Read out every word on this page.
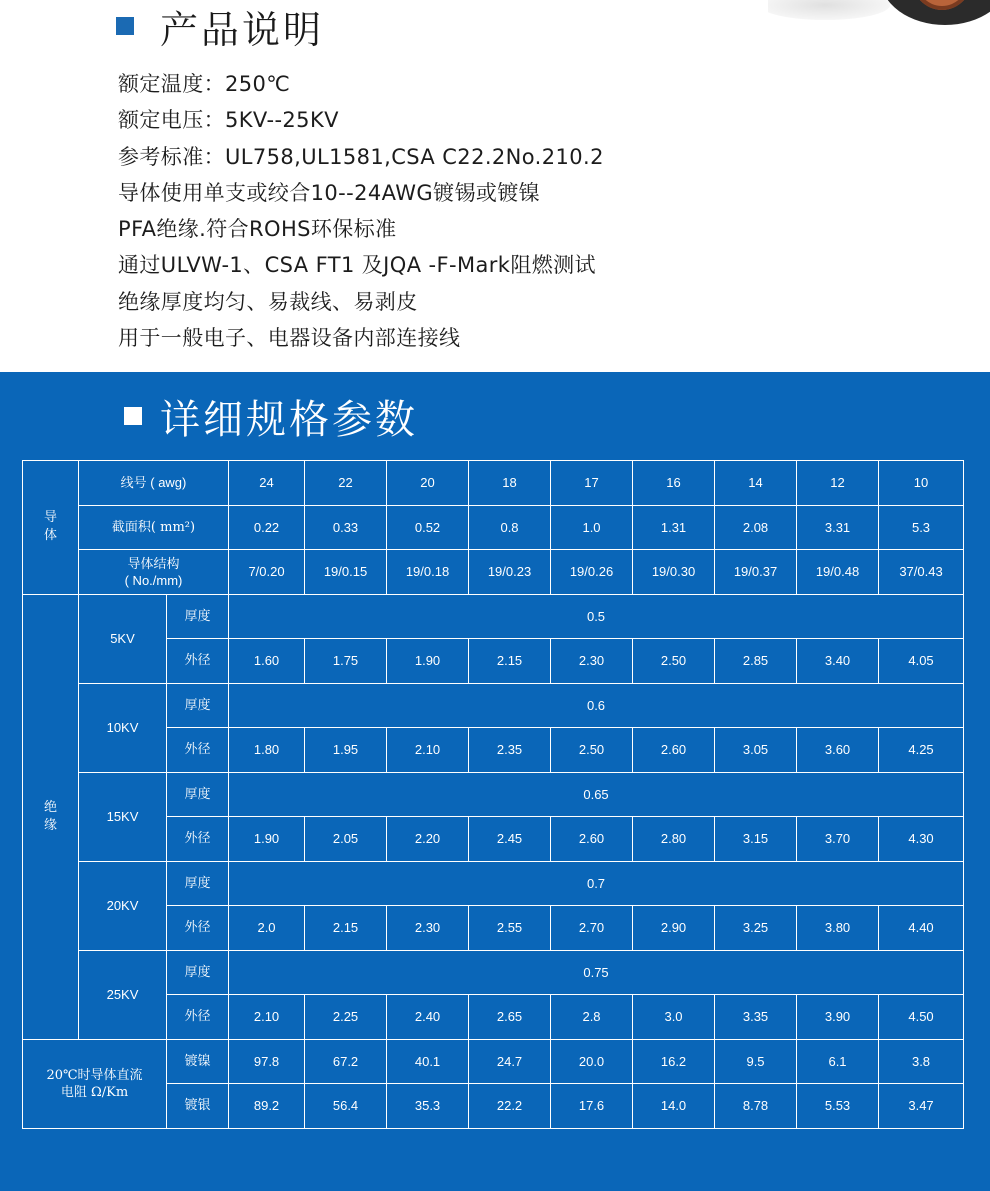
产品说明
额定温度：250℃
额定电压：5KV--25KV
参考标准：UL758,UL1581,CSA C22.2No.210.2
导体使用单支或绞合10--24AWG镀锡或镀镍
PFA绝缘.符合ROHS环保标准
通过ULVW-1、CSA FT1 及JQA -F-Mark阻燃测试
绝缘厚度均匀、易裁线、易剥皮
用于一般电子、电器设备内部连接线
详细规格参数
导
体	线号 ( awg)		24	22	20	18	17	16	14	12	10
	截面积( mm²)		0.22	0.33	0.52	0.8	1.0	1.31	2.08	3.31	5.3
	导体结构
( No./mm)		7/0.20	19/0.15	19/0.18	19/0.23	19/0.26	19/0.30	19/0.37	19/0.48	37/0.43
绝
缘	5KV	厚度	0.5								
		外径	1.60	1.75	1.90	2.15	2.30	2.50	2.85	3.40	4.05
	10KV	厚度	0.6								
		外径	1.80	1.95	2.10	2.35	2.50	2.60	3.05	3.60	4.25
	15KV	厚度	0.65								
		外径	1.90	2.05	2.20	2.45	2.60	2.80	3.15	3.70	4.30
	20KV	厚度	0.7								
		外径	2.0	2.15	2.30	2.55	2.70	2.90	3.25	3.80	4.40
	25KV	厚度	0.75								
		外径	2.10	2.25	2.40	2.65	2.8	3.0	3.35	3.90	4.50
20℃时导体直流
电阻 Ω/Km		镀镍	97.8	67.2	40.1	24.7	20.0	16.2	9.5	6.1	3.8
		镀银	89.2	56.4	35.3	22.2	17.6	14.0	8.78	5.53	3.47
